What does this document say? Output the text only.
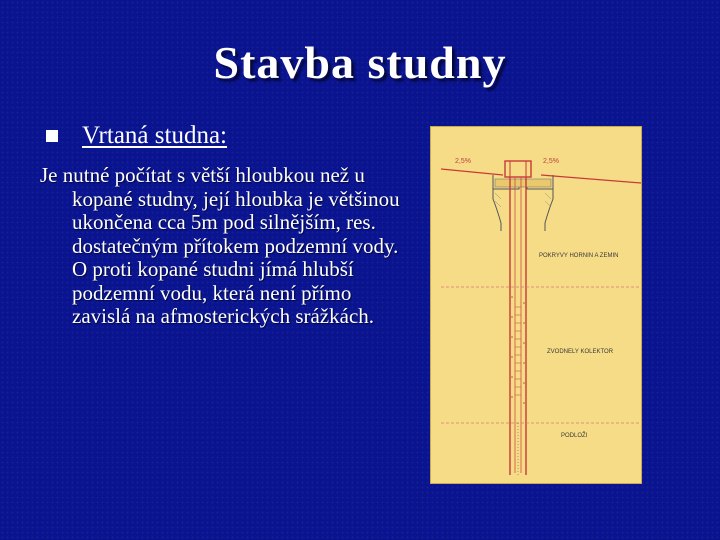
Stavba studny
Vrtaná studna:
Je nutné počítat s větší hloubkou než u kopané studny, její hloubka je většinou ukončena cca 5m pod silnějším, res. dostatečným přítokem podzemní vody. O proti kopané studni jímá hlubší podzemní vodu, která není přímo zavislá na afmosterických srážkách.
2,5%	2,5%
POKRYVY HORNIN A ZEMIN
ZVODNELY KOLEKTOR
PODLOŽI
